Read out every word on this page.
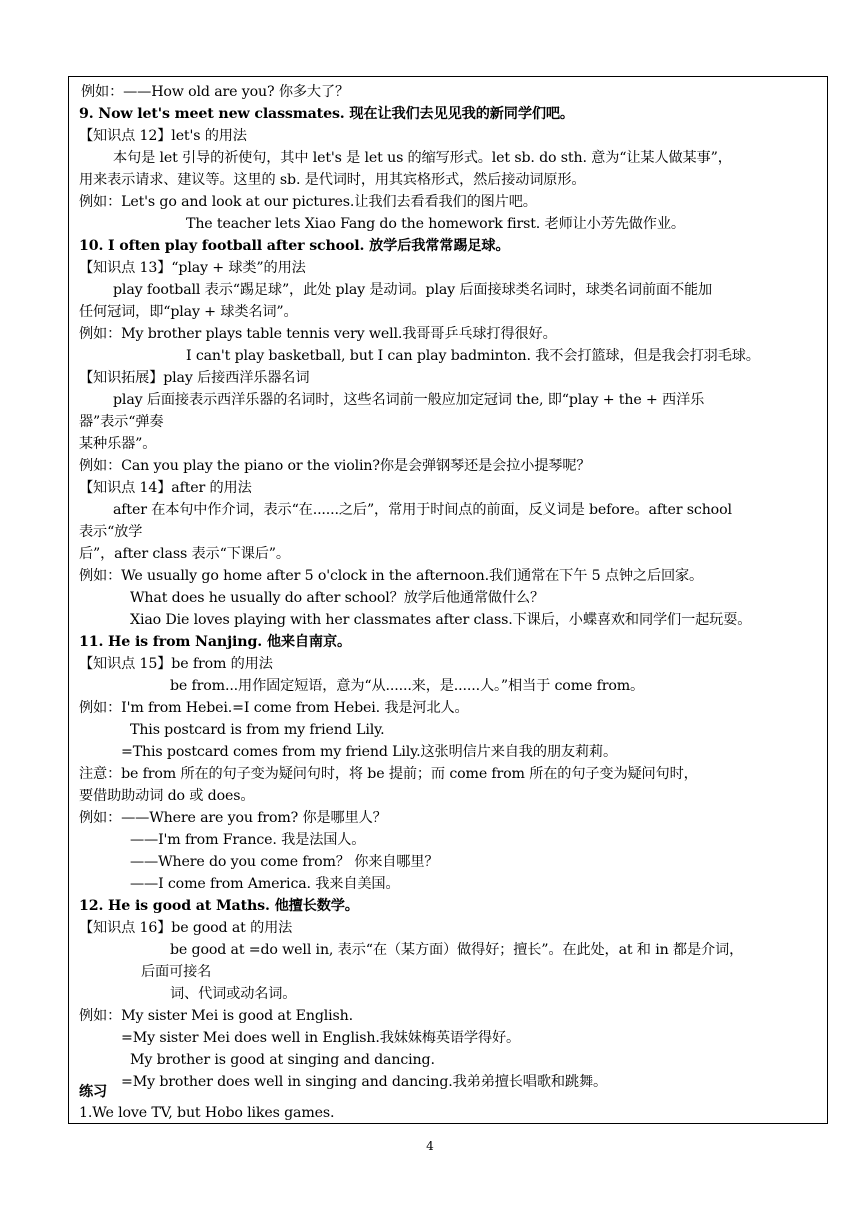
例如：——How old are you? 你多大了？
9. Now let's meet new classmates. 现在让我们去见见我的新同学们吧。
【知识点 12】let's 的用法
本句是 let 引导的祈使句，其中 let's 是 let us 的缩写形式。let sb. do sth. 意为“让某人做某事”，
用来表示请求、建议等。这里的 sb. 是代词时，用其宾格形式，然后接动词原形。
例如：Let's go and look at our pictures.让我们去看看我们的图片吧。
The teacher lets Xiao Fang do the homework first. 老师让小芳先做作业。
10. I often play football after school. 放学后我常常踢足球。
【知识点 13】“play + 球类”的用法
play football 表示“踢足球”，此处 play 是动词。play 后面接球类名词时，球类名词前面不能加
任何冠词，即“play + 球类名词”。
例如：My brother plays table tennis very well.我哥哥乒乓球打得很好。
I can't play basketball, but I can play badminton. 我不会打篮球，但是我会打羽毛球。
【知识拓展】play 后接西洋乐器名词
play 后面接表示西洋乐器的名词时，这些名词前一般应加定冠词 the, 即“play + the + 西洋乐
器”表示“弹奏
某种乐器”。
例如：Can you play the piano or the violin?你是会弹钢琴还是会拉小提琴呢？
【知识点 14】after 的用法
after 在本句中作介词，表示“在......之后”，常用于时间点的前面，反义词是 before。after school
表示“放学
后”，after class 表示“下课后”。
例如：We usually go home after 5 o'clock in the afternoon.我们通常在下午 5 点钟之后回家。
What does he usually do after school？放学后他通常做什么？
Xiao Die loves playing with her classmates after class.下课后，小蝶喜欢和同学们一起玩耍。
11. He is from Nanjing. 他来自南京。
【知识点 15】be from 的用法
be from...用作固定短语，意为“从......来，是......人。”相当于 come from。
例如：I'm from Hebei.=I come from Hebei. 我是河北人。
This postcard is from my friend Lily.
=This postcard comes from my friend Lily.这张明信片来自我的朋友莉莉。
注意：be from 所在的句子变为疑问句时，将 be 提前；而 come from 所在的句子变为疑问句时，
要借助助动词 do 或 does。
例如：——Where are you from? 你是哪里人？
——I'm from France. 我是法国人。
——Where do you come from？ 你来自哪里？
——I come from America. 我来自美国。
12. He is good at Maths. 他擅长数学。
【知识点 16】be good at 的用法
be good at =do well in, 表示“在（某方面）做得好；擅长”。在此处，at 和 in 都是介词，
后面可接名
词、代词或动名词。
例如：My sister Mei is good at English.
=My sister Mei does well in English.我妹妹梅英语学得好。
My brother is good at singing and dancing.
=My brother does well in singing and dancing.我弟弟擅长唱歌和跳舞。
练习
1.We love TV, but Hobo likes games.
4
